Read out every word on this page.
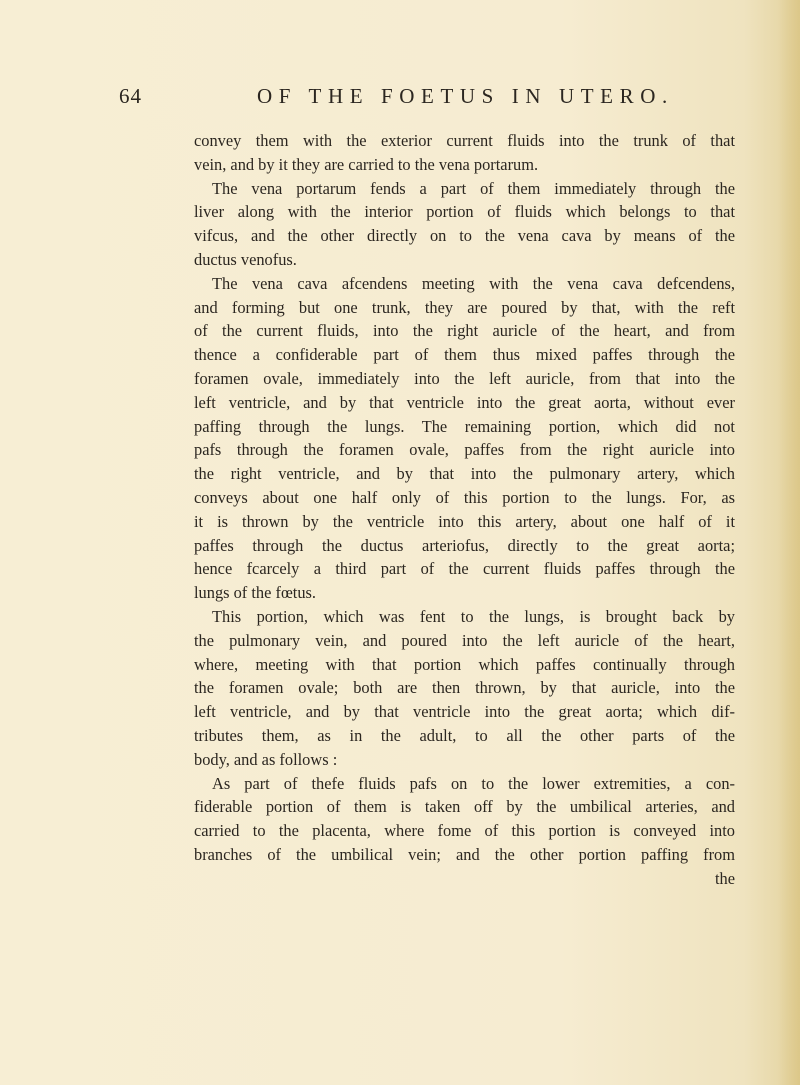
64	OF THE FOETUS IN UTERO.
convey them with the exterior current fluids into the trunk of that
vein, and by it they are carried to the vena portarum.
The vena portarum fends a part of them immediately through the
liver along with the interior portion of fluids which belongs to that
vifcus, and the other directly on to the vena cava by means of the
ductus venofus.
The vena cava afcendens meeting with the vena cava defcendens,
and forming but one trunk, they are poured by that, with the reft
of the current fluids, into the right auricle of the heart, and from
thence a confiderable part of them thus mixed paffes through the
foramen ovale, immediately into the left auricle, from that into the
left ventricle, and by that ventricle into the great aorta, without ever
paffing through the lungs. The remaining portion, which did not
pafs through the foramen ovale, paffes from the right auricle into
the right ventricle, and by that into the pulmonary artery, which
conveys about one half only of this portion to the lungs. For, as
it is thrown by the ventricle into this artery, about one half of it
paffes through the ductus arteriofus, directly to the great aorta;
hence fcarcely a third part of the current fluids paffes through the
lungs of the fœtus.
This portion, which was fent to the lungs, is brought back by
the pulmonary vein, and poured into the left auricle of the heart,
where, meeting with that portion which paffes continually through
the foramen ovale; both are then thrown, by that auricle, into the
left ventricle, and by that ventricle into the great aorta; which dif-
tributes them, as in the adult, to all the other parts of the
body, and as follows :
As part of thefe fluids pafs on to the lower extremities, a con-
fiderable portion of them is taken off by the umbilical arteries, and
carried to the placenta, where fome of this portion is conveyed into
branches of the umbilical vein; and the other portion paffing from
the
